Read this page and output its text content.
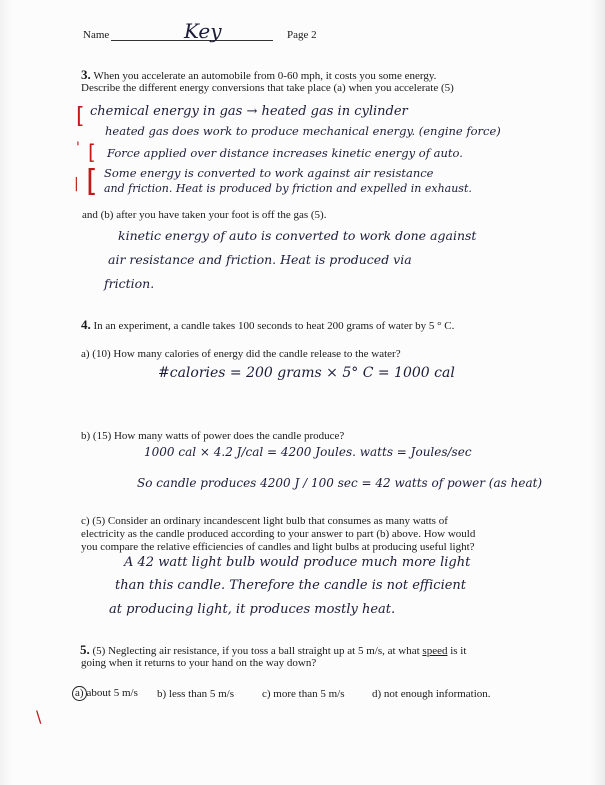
Name	Key	Page 2
3. When you accelerate an automobile from 0-60 mph, it costs you some energy.
Describe the different energy conversions that take place (a) when you accelerate (5)
[
' [
| [
chemical energy in gas → heated gas in cylinder
heated gas does work to produce mechanical energy. (engine force)
Force applied over distance increases kinetic energy of auto.
Some energy is converted to work against air resistance
and friction. Heat is produced by friction and expelled in exhaust.
and (b) after you have taken your foot is off the gas (5).
kinetic energy of auto is converted to work done against
air resistance and friction. Heat is produced via
friction.
4. In an experiment, a candle takes 100 seconds to heat 200 grams of water by 5 ° C.
a) (10) How many calories of energy did the candle release to the water?
#calories = 200 grams × 5° C = 1000 cal
b) (15) How many watts of power does the candle produce?
1000 cal × 4.2 J/cal = 4200 Joules. watts = Joules/sec
So candle produces 4200 J / 100 sec = 42 watts of power (as heat)
c) (5) Consider an ordinary incandescent light bulb that consumes as many watts of
electricity as the candle produced according to your answer to part (b) above. How would
you compare the relative efficiencies of candles and light bulbs at producing useful light?
A 42 watt light bulb would produce much more light
than this candle. Therefore the candle is not efficient
at producing light, it produces mostly heat.
5. (5) Neglecting air resistance, if you toss a ball straight up at 5 m/s, at what speed is it
going when it returns to your hand on the way down?
a) about 5 m/s b) less than 5 m/s	c) more than 5 m/s	d) not enough information.
\
